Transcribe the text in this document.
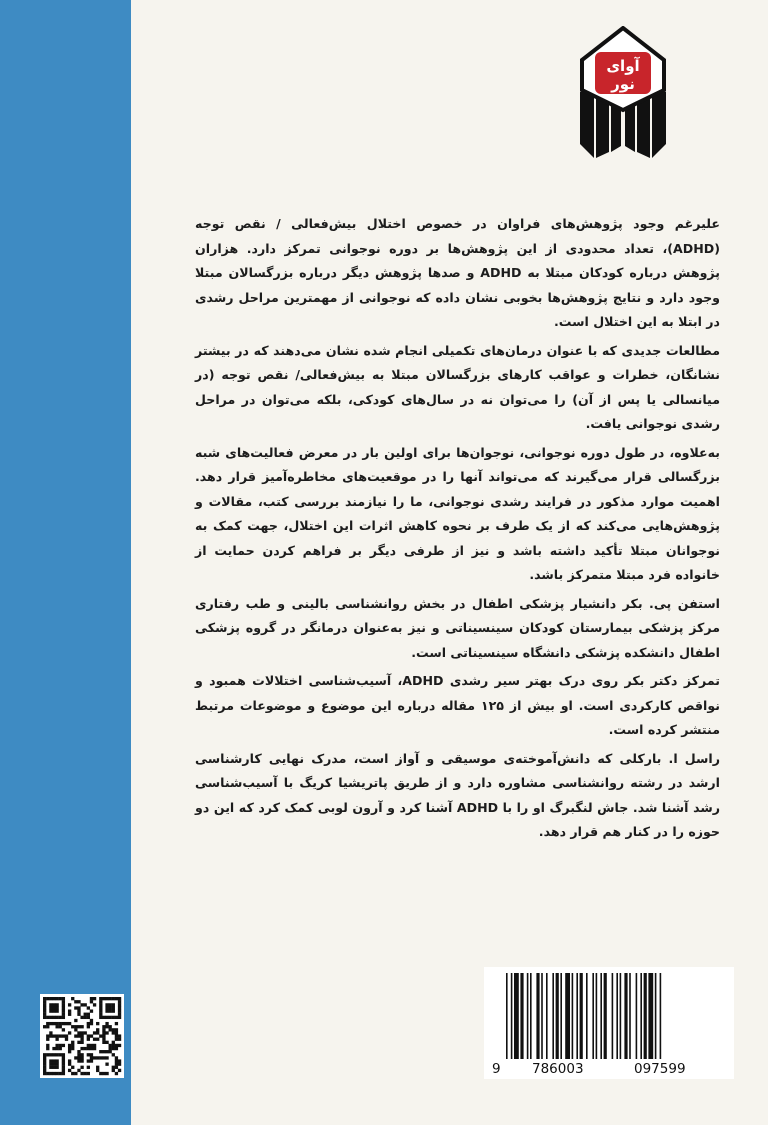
آوای
نور

علیرغم وجود پژوهش‌های فراوان در خصوص اختلال بیش‌فعالی / نقص توجه (ADHD)، تعداد محدودی از این پژوهش‌ها بر دوره نوجوانی تمرکز دارد. هزاران پژوهش درباره کودکان مبتلا به ADHD و صدها پژوهش دیگر درباره بزرگسالان مبتلا وجود دارد و نتایج پژوهش‌ها بخوبی نشان داده که نوجوانی از مهمترین مراحل رشدی در ابتلا به این اختلال است.

مطالعات جدیدی که با عنوان درمان‌های تکمیلی انجام شده نشان می‌دهند که در بیشتر نشانگان، خطرات و عواقب کارهای بزرگسالان مبتلا به بیش‌فعالی/ نقص توجه (در میانسالی یا پس از آن) را می‌توان نه در سال‌های کودکی، بلکه می‌توان در مراحل رشدی نوجوانی یافت.

به‌علاوه، در طول دوره نوجوانی، نوجوان‌ها برای اولین بار در معرض فعالیت‌های شبه بزرگسالی قرار می‌گیرند که می‌تواند آنها را در موقعیت‌های مخاطره‌آمیز قرار دهد. اهمیت موارد مذکور در فرایند رشدی نوجوانی، ما را نیازمند بررسی کتب، مقالات و پژوهش‌هایی می‌کند که از یک طرف بر نحوه کاهش اثرات این اختلال، جهت کمک به نوجوانان مبتلا تأکید داشته باشد و نیز از طرفی دیگر بر فراهم کردن حمایت از خانواده فرد مبتلا متمرکز باشد.

استفن پی. بکر دانشیار پزشکی اطفال در بخش روانشناسی بالینی و طب رفتاری مرکز پزشکی بیمارستان کودکان سینسیناتی و نیز به‌عنوان درمانگر در گروه پزشکی اطفال دانشکده پزشکی دانشگاه سینسیناتی است.

تمرکز دکتر بکر روی درک بهتر سیر رشدی ADHD، آسیب‌شناسی اختلالات همبود و نواقص کارکردی است. او بیش از ۱۲۵ مقاله درباره این موضوع و موضوعات مرتبط منتشر کرده است.

راسل ا. بارکلی که دانش‌آموخته‌ی موسیقی و آواز است، مدرک نهایی کارشناسی ارشد در رشته روانشناسی مشاوره دارد و از طریق پاتریشیا کریگ با آسیب‌شناسی رشد آشنا شد. جاش لنگبرگ او را با ADHD آشنا کرد و آرون لوبی کمک کرد که این دو حوزه را در کنار هم قرار دهد.

9 786003	097599
